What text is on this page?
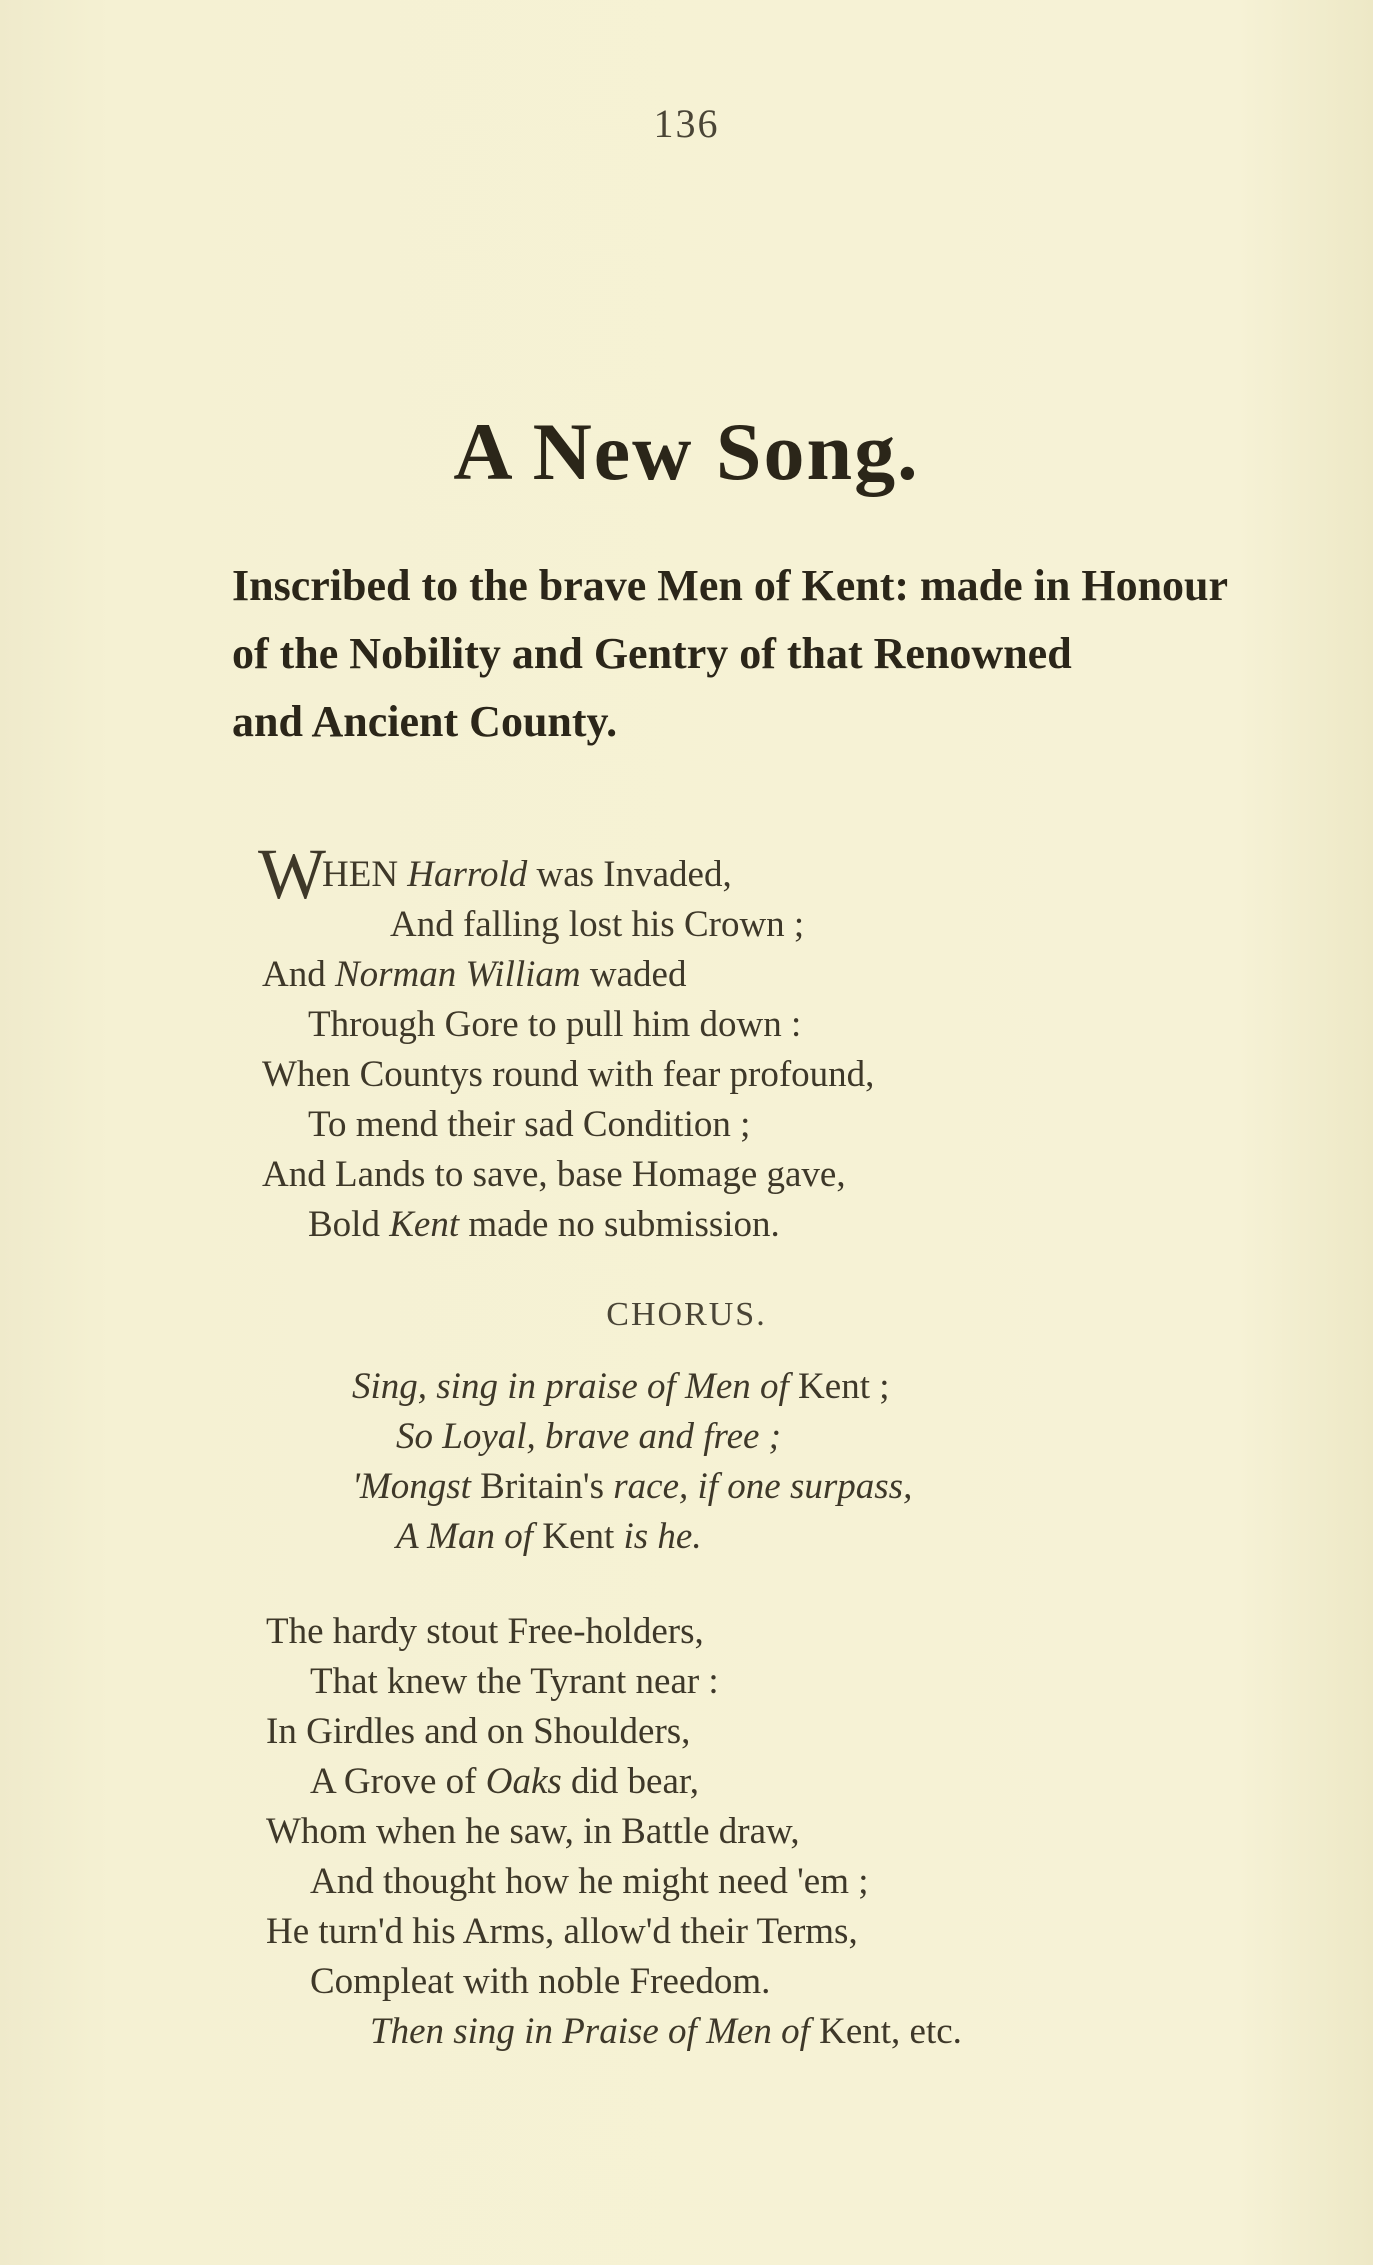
136
A New Song.
Inscribed to the brave Men of Kent: made in Honour
of the Nobility and Gentry of that Renowned
and Ancient County.
W
HEN Harrold was Invaded,
And falling lost his Crown ;
And Norman William waded
Through Gore to pull him down :
When Countys round with fear profound,
To mend their sad Condition ;
And Lands to save, base Homage gave,
Bold Kent made no submission.
CHORUS.
Sing, sing in praise of Men of Kent ;
So Loyal, brave and free ;
'Mongst Britain's race, if one surpass,
A Man of Kent is he.
The hardy stout Free-holders,
That knew the Tyrant near :
In Girdles and on Shoulders,
A Grove of Oaks did bear,
Whom when he saw, in Battle draw,
And thought how he might need 'em ;
He turn'd his Arms, allow'd their Terms,
Compleat with noble Freedom.
Then sing in Praise of Men of Kent, etc.
